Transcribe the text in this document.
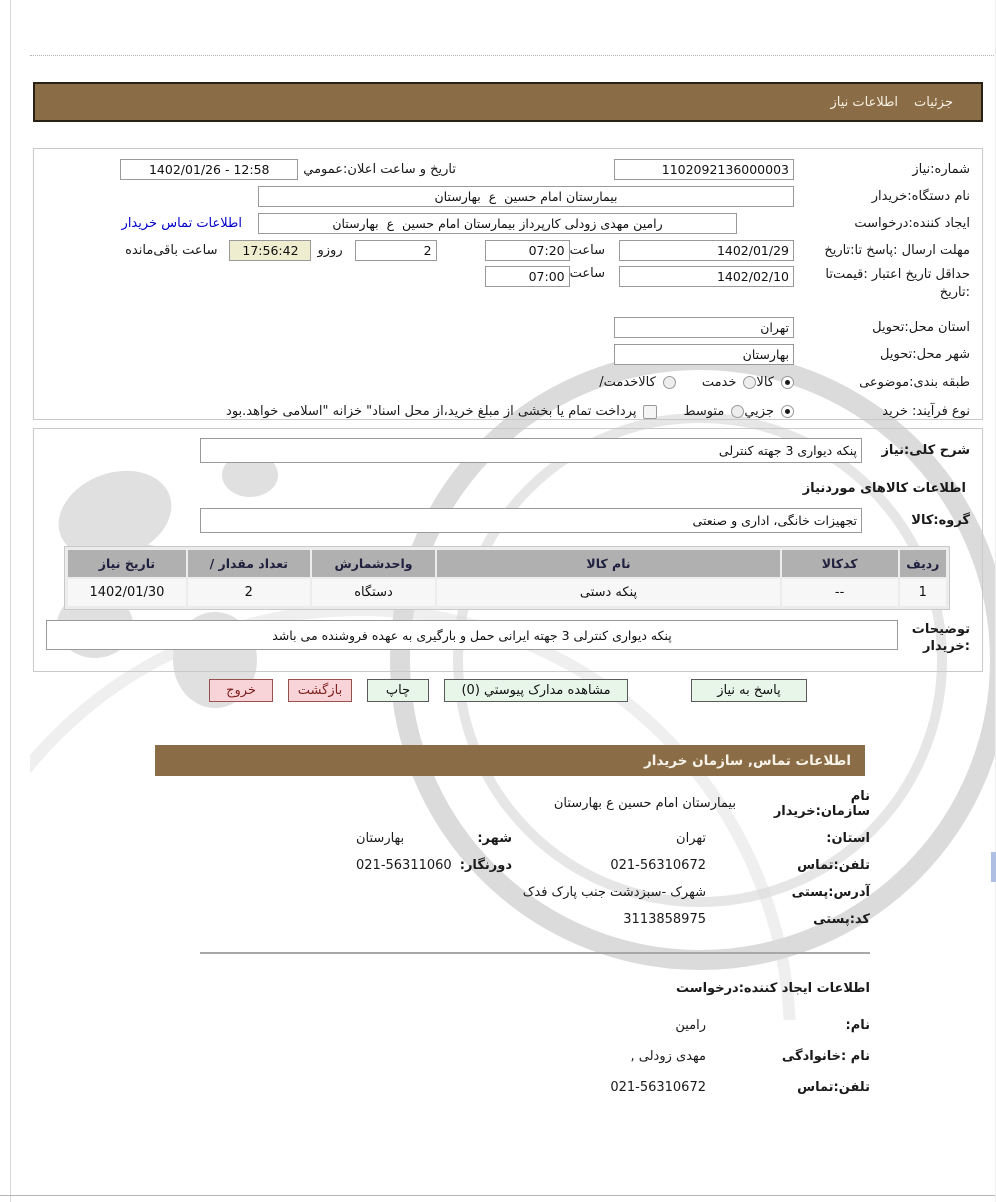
جزئیات
اطلاعات نیاز
شماره:نیاز
1102092136000003
تاریخ و ساعت اعلان:عمومي
1402/01/26 - 12:58
نام دستگاه:خریدار
بیمارستان امام حسین ع بهارستان
ایجاد کننده:درخواست
رامین مهدی زودلی کارپرداز بیمارستان امام حسین ع بهارستان
اطلاعات تماس خریدار
مهلت ارسال :پاسخ تا:تاریخ
1402/01/29
ساعت
07:20
2
روزو
17:56:42
ساعت باقی‌مانده
حداقل تاریخ اعتبار :قیمت‌تا :تاریخ
1402/02/10
ساعت
07:00
استان محل:تحویل
تهران
شهر محل:تحویل
بهارستان
طبقه بندی:موضوعی
کالا
خدمت
کالاخدمت/
نوع فرآیند: خرید
جزيي
متوسط
پرداخت تمام یا بخشی از مبلغ خرید،از محل اسناد" خزانه "اسلامی خواهد.بود
شرح کلی:نیاز
پنکه دیواری 3 جهته کنترلی
اطلاعات کالاهای موردنیاز
گروه:کالا
تجهیزات خانگی، اداری و صنعتی
ردیف	کدکالا	نام کالا	واحدشمارش	تعداد مقدار /	تاریخ نیاز
1	--	پنکه دستی	دستگاه	2	1402/01/30
توضیحات :خریدار
پنکه دیواری کنترلی 3 جهته ایرانی حمل و بارگیری به عهده فروشنده می باشد
پاسخ به نیاز
مشاهده مدارک پیوستي (0)
چاپ
بازگشت
خروج
اطلاعات تماس, سازمان خریدار
نام سازمان:خریدار
بیمارستان امام حسین ع بهارستان
استان:
تهران
شهر:
بهارستان
تلفن:تماس
021-56310672
دورنگار:
021-56311060
آدرس:پستی
شهرک -سبزدشت جنب پارک فدک
کد:پستی
3113858975
اطلاعات ایجاد کننده:درخواست
نام:
رامین
نام :خانوادگی
مهدی زودلی ,
تلفن:تماس
021-56310672
